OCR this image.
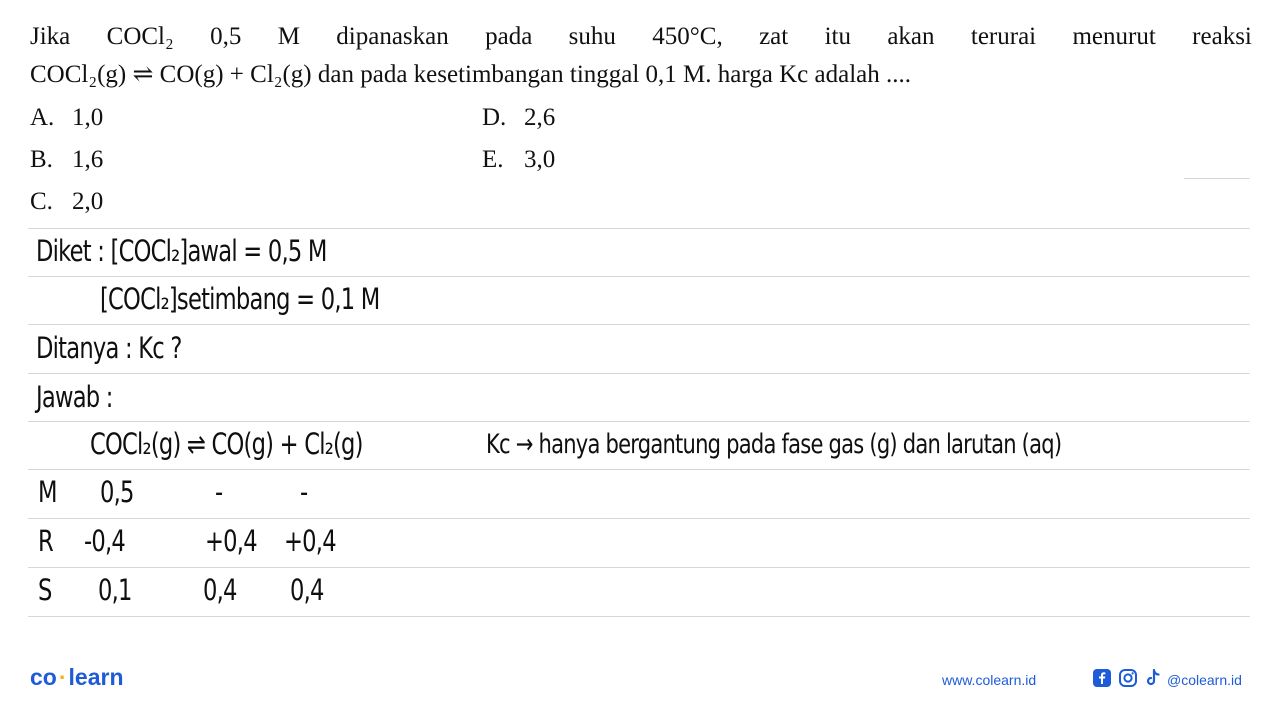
Jika COCl₂ 0,5 M dipanaskan pada suhu 450°C, zat itu akan terurai menurut reaksi
COCl₂(g) ⇌ CO(g) + Cl₂(g) dan pada kesetimbangan tinggal 0,1 M. harga Kc adalah ....
A. 1,0
B. 1,6
C. 2,0
D. 2,6
E. 3,0
Diket : [COCl₂]awal = 0,5 M
[COCl₂]setimbang = 0,1 M
Ditanya : Kc ?
Jawab :
COCl₂(g) ⇌ CO(g) + Cl₂(g)	Kc → hanya bergantung pada fase gas (g) dan larutan (aq)
M 0,5	-	-
R -0,4	+0,4 +0,4
S 0,1 0,4 0,4
co·learn	www.colearn.id	@colearn.id
